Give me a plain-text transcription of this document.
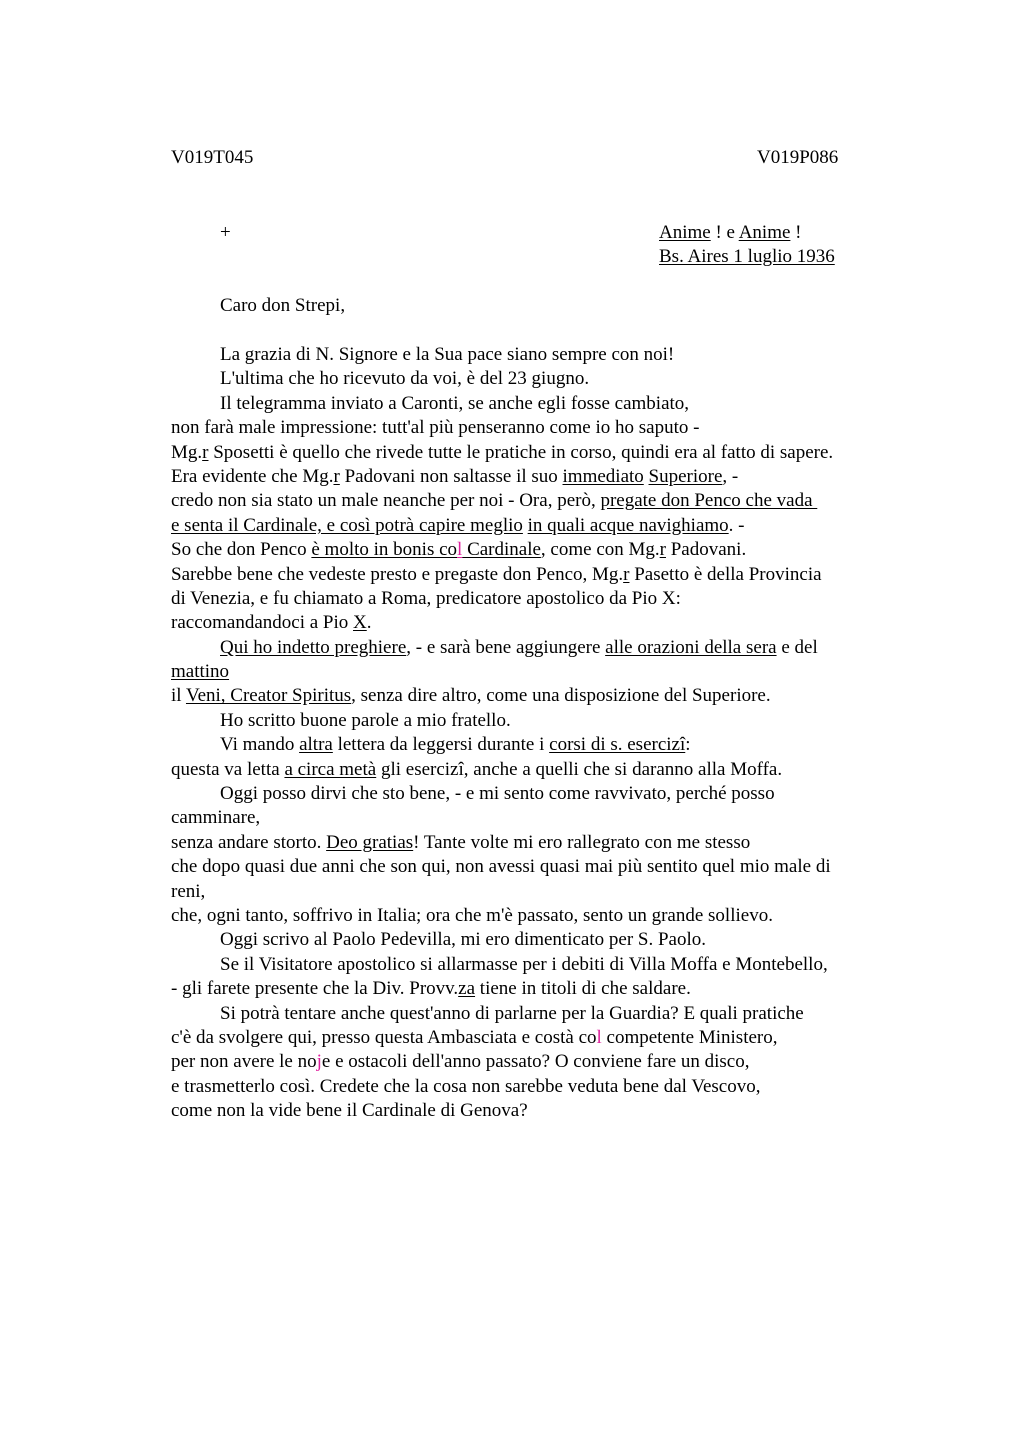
V019T045	V019P086
+	Anime ! e Anime !
Bs. Aires 1 luglio 1936
Caro don Strepi,
La grazia di N. Signore e la Sua pace siano sempre con noi!
L'ultima che ho ricevuto da voi, è del 23 giugno.
Il telegramma inviato a Caronti, se anche egli fosse cambiato,
non farà male impressione: tutt'al più penseranno come io ho saputo -
Mg.r Sposetti è quello che rivede tutte le pratiche in corso, quindi era al fatto di sapere.
Era evidente che Mg.r Padovani non saltasse il suo immediato Superiore, -
credo non sia stato un male neanche per noi - Ora, però, pregate don Penco che vada
e senta il Cardinale, e così potrà capire meglio in quali acque navighiamo. -
So che don Penco è molto in bonis col Cardinale, come con Mg.r Padovani.
Sarebbe bene che vedeste presto e pregaste don Penco, Mg.r Pasetto è della Provincia
di Venezia, e fu chiamato a Roma, predicatore apostolico da Pio X:
raccomandandoci a Pio X.
Qui ho indetto preghiere, - e sarà bene aggiungere alle orazioni della sera e del
mattino
il Veni, Creator Spiritus, senza dire altro, come una disposizione del Superiore.
Ho scritto buone parole a mio fratello.
Vi mando altra lettera da leggersi durante i corsi di s. esercizî:
questa va letta a circa metà gli esercizi, anche a quelli che si daranno alla Moffa.
Oggi posso dirvi che sto bene, - e mi sento come ravvivato, perché posso
camminare,
senza andare storto. Deo gratias! Tante volte mi ero rallegrato con me stesso
che dopo quasi due anni che son qui, non avessi quasi mai più sentito quel mio male di
reni,
che, ogni tanto, soffrivo in Italia; ora che m'è passato, sento un grande sollievo.
Oggi scrivo al Paolo Pedevilla, mi ero dimenticato per S. Paolo.
Se il Visitatore apostolico si allarmasse per i debiti di Villa Moffa e Montebello,
- gli farete presente che la Div. Provv.za tiene in titoli di che saldare.
Si potrà tentare anche quest'anno di parlarne per la Guardia? E quali pratiche
c'è da svolgere qui, presso questa Ambasciata e costà col competente Ministero,
per non avere le noje e ostacoli dell'anno passato? O conviene fare un disco,
e trasmetterlo così. Credete che la cosa non sarebbe veduta bene dal Vescovo,
come non la vide bene il Cardinale di Genova?
